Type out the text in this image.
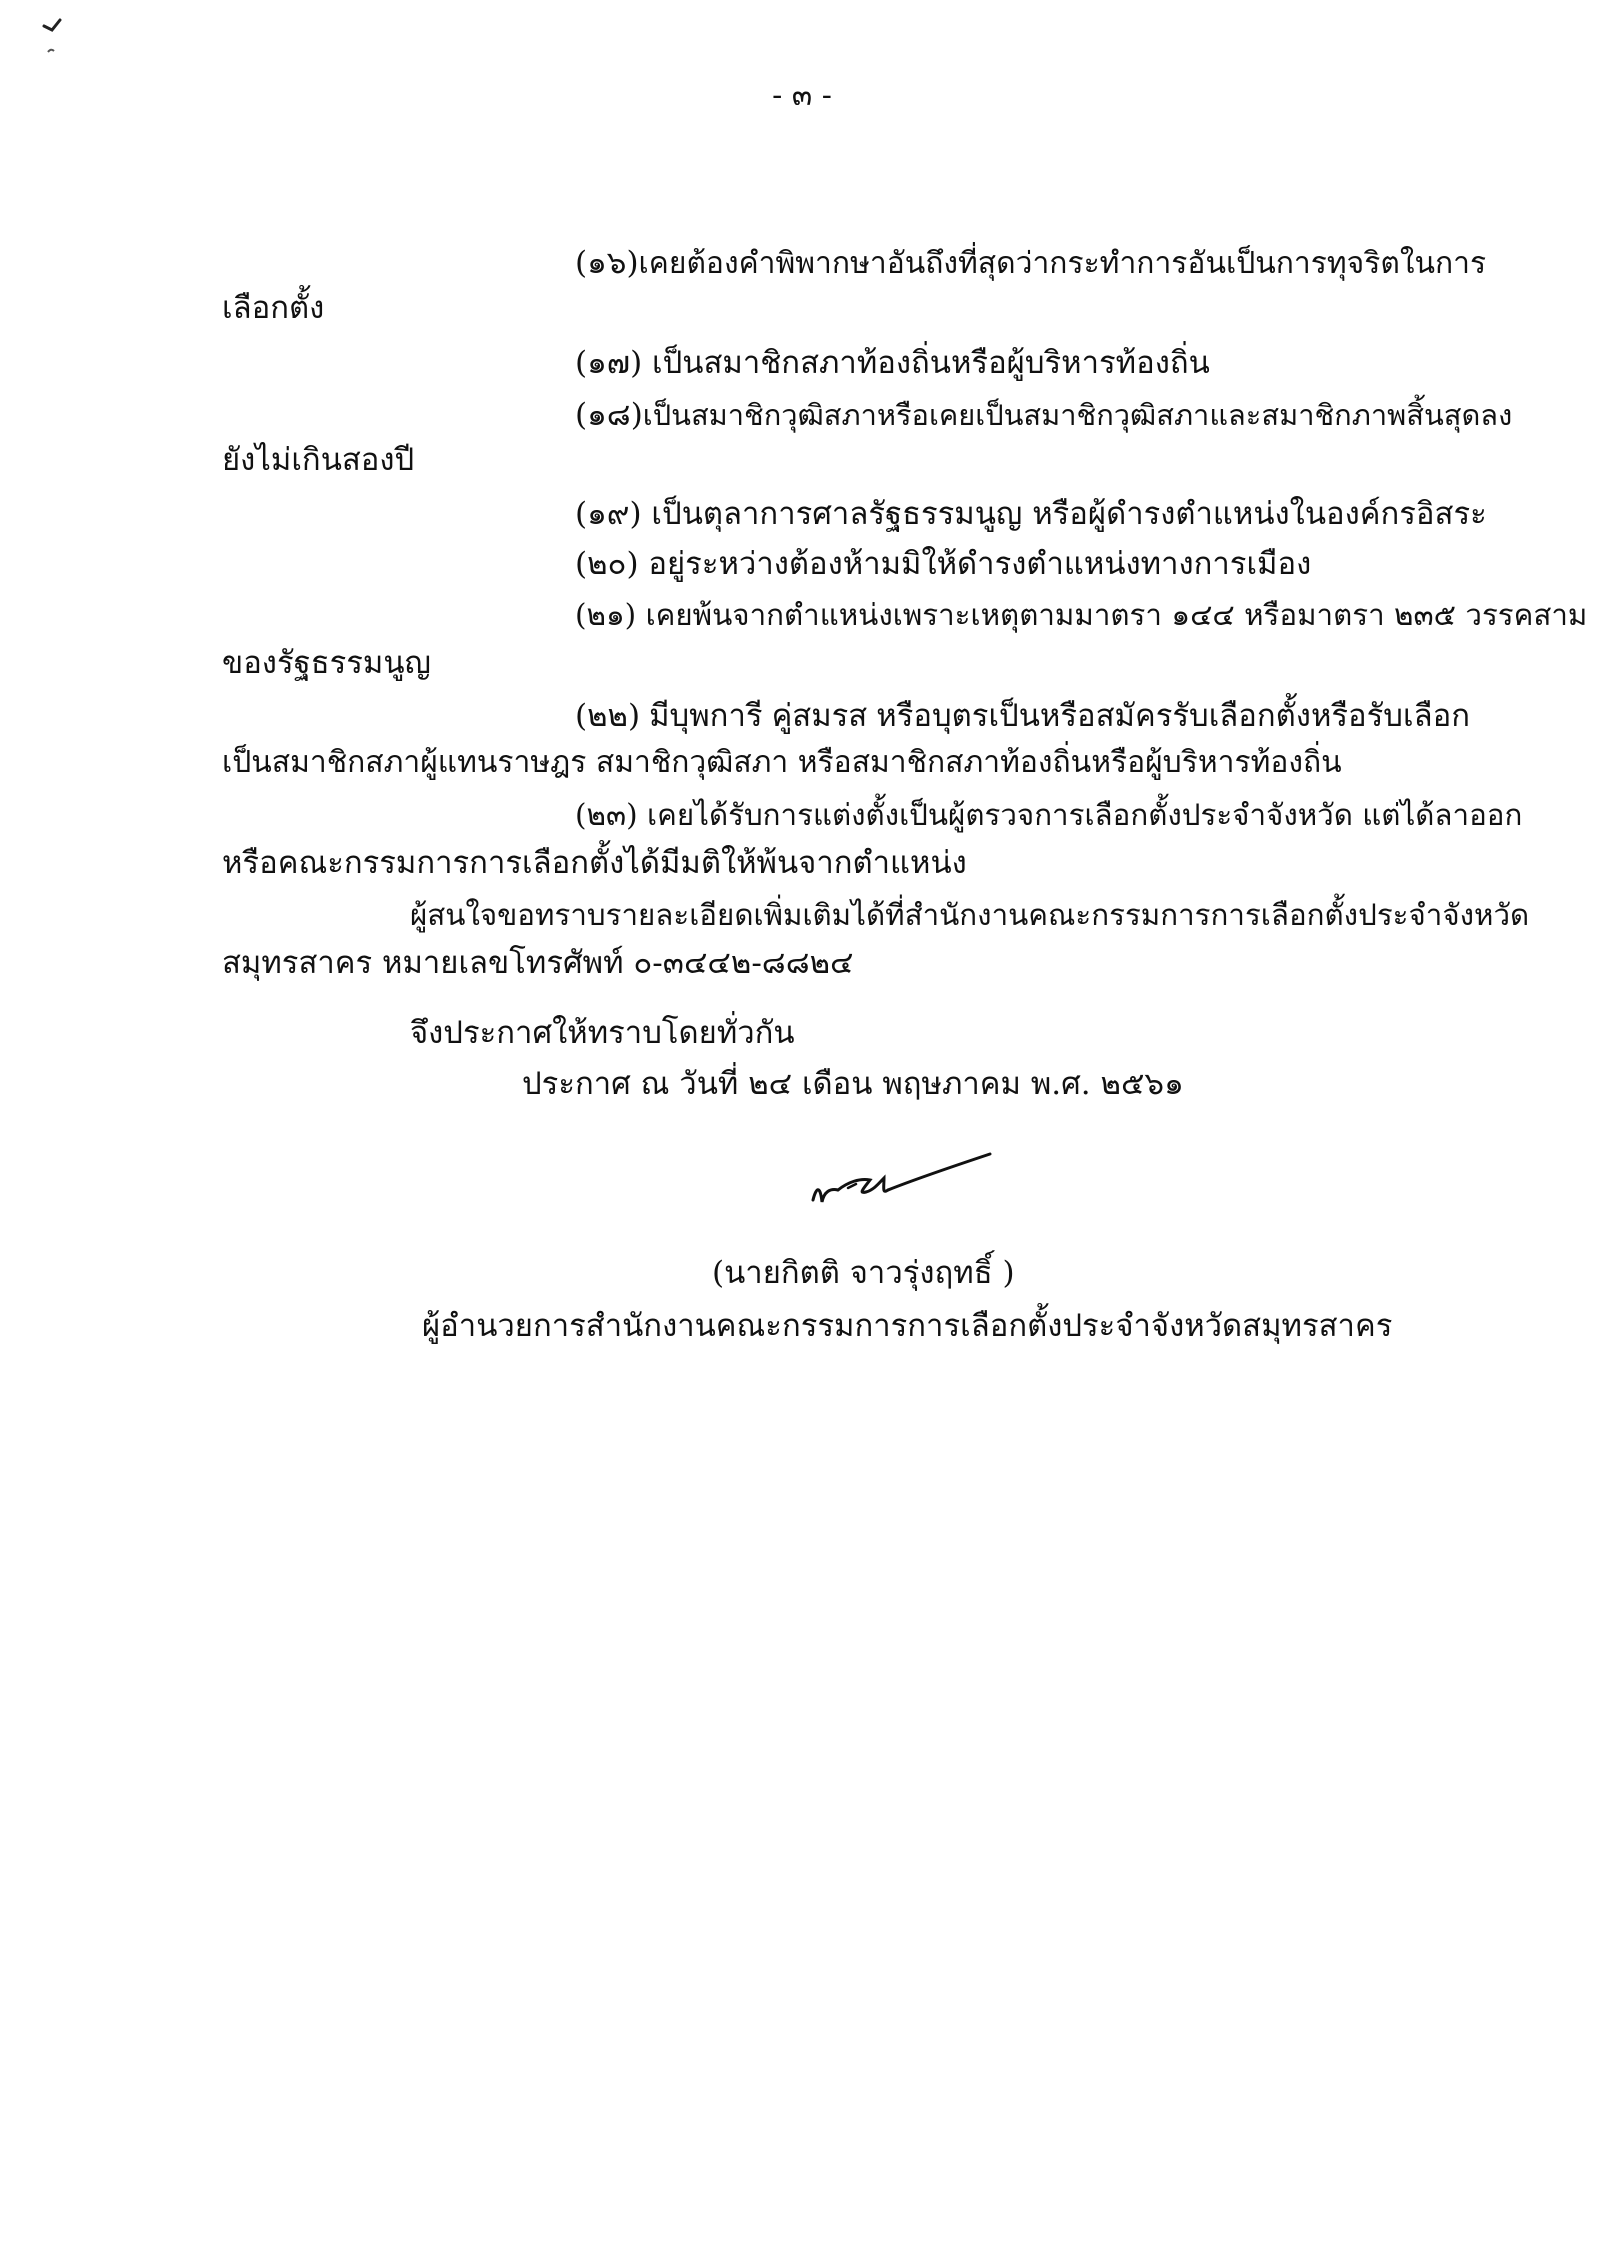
- ๓ -
(๑๖) เคยต้องคำพิพากษาอันถึงที่สุดว่ากระทำการอันเป็นการทุจริตในการ
เลือกตั้ง
(๑๗) เป็นสมาชิกสภาท้องถิ่นหรือผู้บริหารท้องถิ่น
(๑๘) เป็นสมาชิกวุฒิสภาหรือเคยเป็นสมาชิกวุฒิสภาและสมาชิกภาพสิ้นสุดลง
ยังไม่เกินสองปี
(๑๙) เป็นตุลาการศาลรัฐธรรมนูญ หรือผู้ดำรงตำแหน่งในองค์กรอิสระ
(๒๐) อยู่ระหว่างต้องห้ามมิให้ดำรงตำแหน่งทางการเมือง
(๒๑) เคยพ้นจากตำแหน่งเพราะเหตุตามมาตรา ๑๔๔ หรือมาตรา ๒๓๕ วรรคสาม
ของรัฐธรรมนูญ
(๒๒) มีบุพการี คู่สมรส หรือบุตรเป็นหรือสมัครรับเลือกตั้งหรือรับเลือก
เป็นสมาชิกสภาผู้แทนราษฎร สมาชิกวุฒิสภา หรือสมาชิกสภาท้องถิ่นหรือผู้บริหารท้องถิ่น
(๒๓) เคยได้รับการแต่งตั้งเป็นผู้ตรวจการเลือกตั้งประจำจังหวัด แต่ได้ลาออก
หรือคณะกรรมการการเลือกตั้งได้มีมติให้พ้นจากตำแหน่ง
ผู้สนใจขอทราบรายละเอียดเพิ่มเติมได้ที่สำนักงานคณะกรรมการการเลือกตั้งประจำจังหวัด
สมุทรสาคร หมายเลขโทรศัพท์ ๐-๓๔๔๒-๘๘๒๔
จึงประกาศให้ทราบโดยทั่วกัน
ประกาศ ณ วันที่ ๒๔ เดือน พฤษภาคม พ.ศ. ๒๕๖๑
(นายกิตติ จาวรุ่งฤทธิ์ )
ผู้อำนวยการสำนักงานคณะกรรมการการเลือกตั้งประจำจังหวัดสมุทรสาคร
